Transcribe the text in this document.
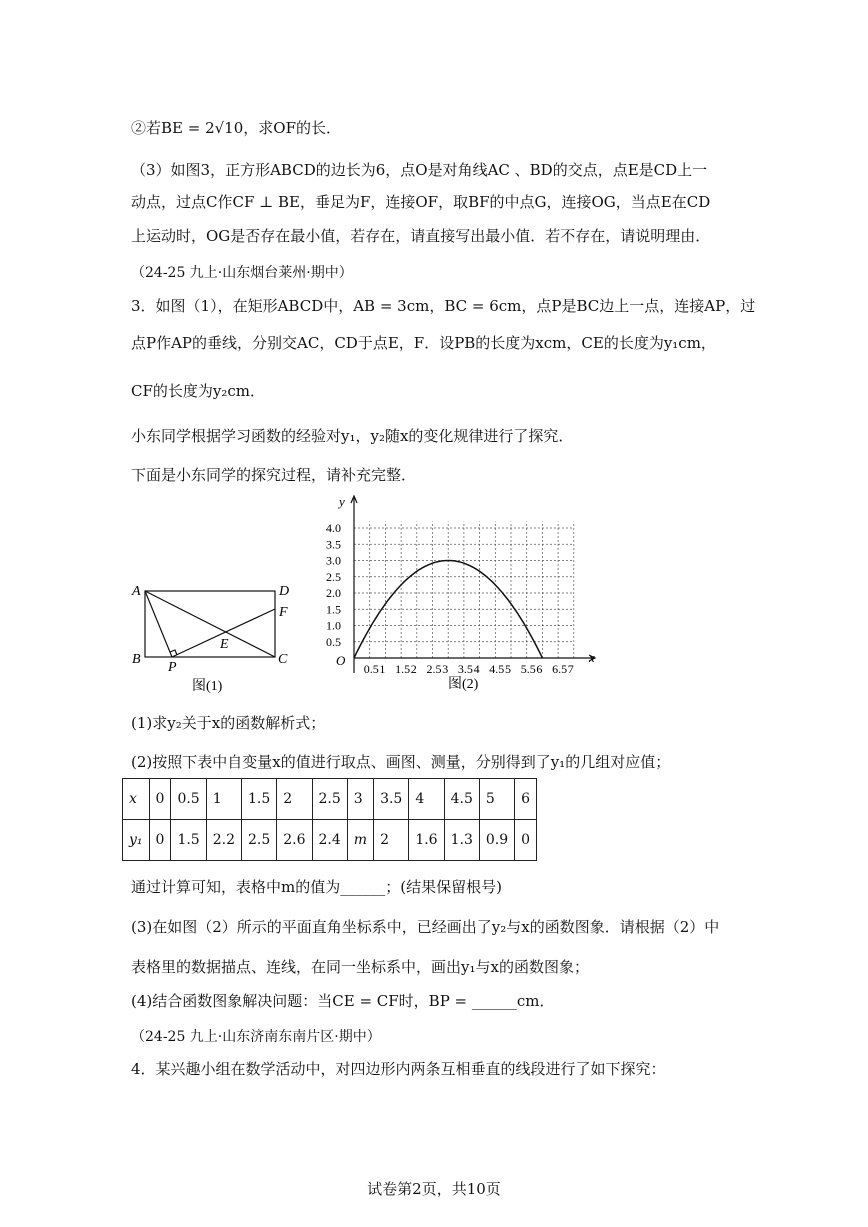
②若BE = 2√10，求OF的长．
（3）如图3，正方形ABCD的边长为6，点O是对角线AC 、BD的交点，点E是CD上一
动点，过点C作CF ⊥ BE，垂足为F，连接OF，取BF的中点G，连接OG，当点E在CD
上运动时，OG是否存在最小值，若存在，请直接写出最小值．若不存在，请说明理由．
（24-25 九上·山东烟台莱州·期中）
3．如图（1），在矩形ABCD中，AB = 3cm，BC = 6cm，点P是BC边上一点，连接AP，过
点P作AP的垂线，分别交AC，CD于点E，F．设PB的长度为xcm，CE的长度为y₁cm，
CF的长度为y₂cm．
小东同学根据学习函数的经验对y₁，y₂随x的变化规律进行了探究．
下面是小东同学的探究过程，请补充完整．
A	D
F
E
B
P
C
图(1)
0.5 1 1.5 2 2.5 3 3.5 4 4.5 5 5.5 6 6.5 7
0.5
1.0
1.5
2.0
2.5
3.0
3.5
4.0
x
y
O
图(2)
(1)求y₂关于x的函数解析式；
(2)按照下表中自变量x的值进行取点、画图、测量，分别得到了y₁的几组对应值；
x	0	0.5	1	1.5	2	2.5	3	3.5	4	4.5	5	6
y₁	0	1.5	2.2	2.5	2.6	2.4	m	2	1.6	1.3	0.9	0
通过计算可知，表格中m的值为______；(结果保留根号)
(3)在如图（2）所示的平面直角坐标系中，已经画出了y₂与x的函数图象．请根据（2）中
表格里的数据描点、连线，在同一坐标系中，画出y₁与x的函数图象；
(4)结合函数图象解决问题：当CE = CF时，BP = ______cm．
（24-25 九上·山东济南东南片区·期中）
4．某兴趣小组在数学活动中，对四边形内两条互相垂直的线段进行了如下探究：
试卷第2页，共10页
